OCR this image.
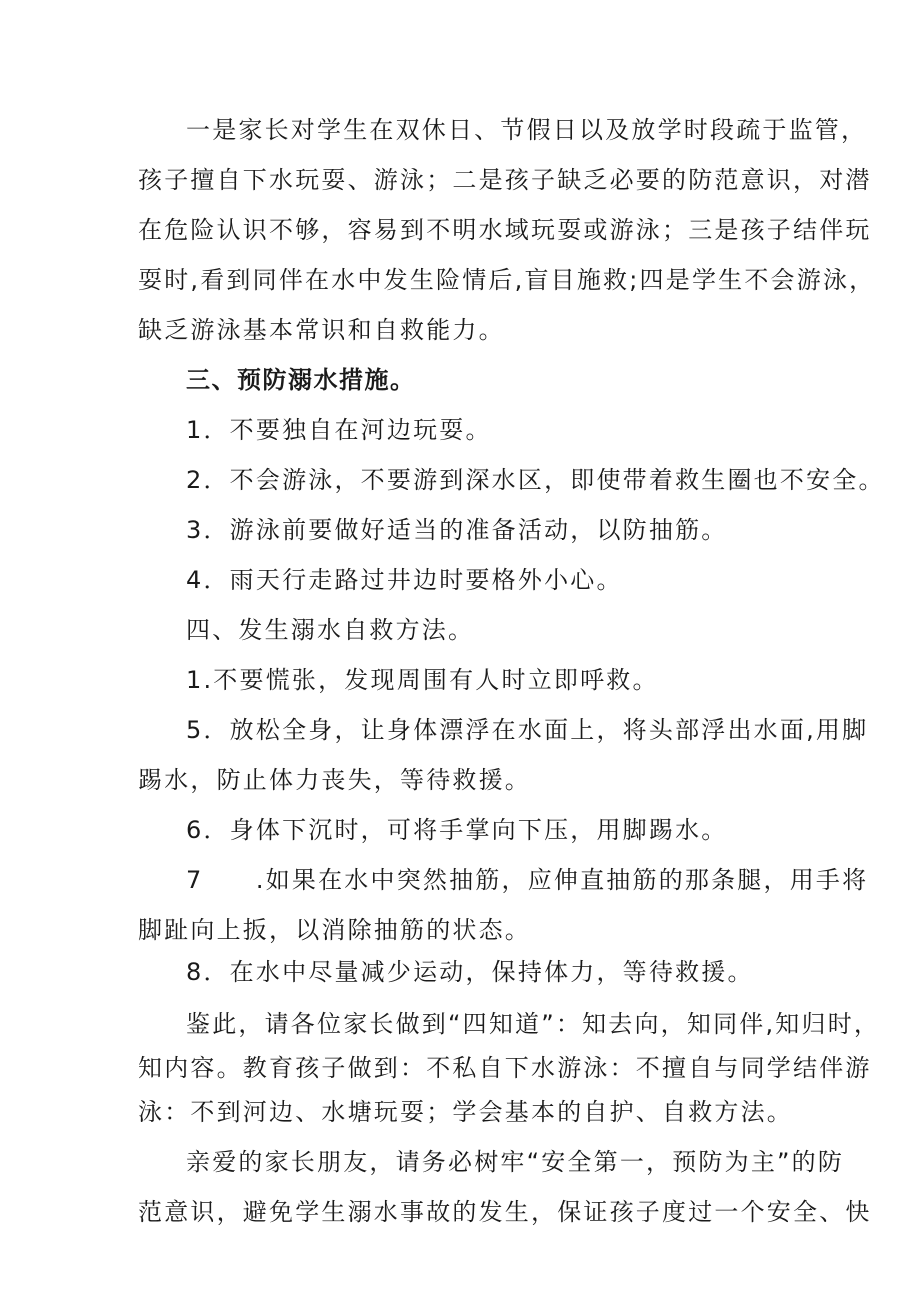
一是家长对学生在双休日、节假日以及放学时段疏于监管，

孩子擅自下水玩耍、游泳；二是孩子缺乏必要的防范意识，对潜

在危险认识不够，容易到不明水域玩耍或游泳；三是孩子结伴玩

耍时,看到同伴在水中发生险情后,盲目施救;四是学生不会游泳，

缺乏游泳基本常识和自救能力。

三、预防溺水措施。

1．不要独自在河边玩耍。

2．不会游泳，不要游到深水区，即使带着救生圈也不安全。

3．游泳前要做好适当的准备活动，以防抽筋。

4．雨天行走路过井边时要格外小心。

四、发生溺水自救方法。

1.不要慌张，发现周围有人时立即呼救。

5．放松全身，让身体漂浮在水面上，将头部浮出水面,用脚

踢水，防止体力丧失，等待救援。

6．身体下沉时，可将手掌向下压，用脚踢水。

7　　.如果在水中突然抽筋，应伸直抽筋的那条腿，用手将

脚趾向上扳，以消除抽筋的状态。

8．在水中尽量减少运动，保持体力，等待救援。

鉴此，请各位家长做到“四知道”：知去向，知同伴,知归时，

知内容。教育孩子做到：不私自下水游泳：不擅自与同学结伴游

泳：不到河边、水塘玩耍；学会基本的自护、自救方法。

亲爱的家长朋友，请务必树牢“安全第一，预防为主”的防

范意识，避免学生溺水事故的发生，保证孩子度过一个安全、快
